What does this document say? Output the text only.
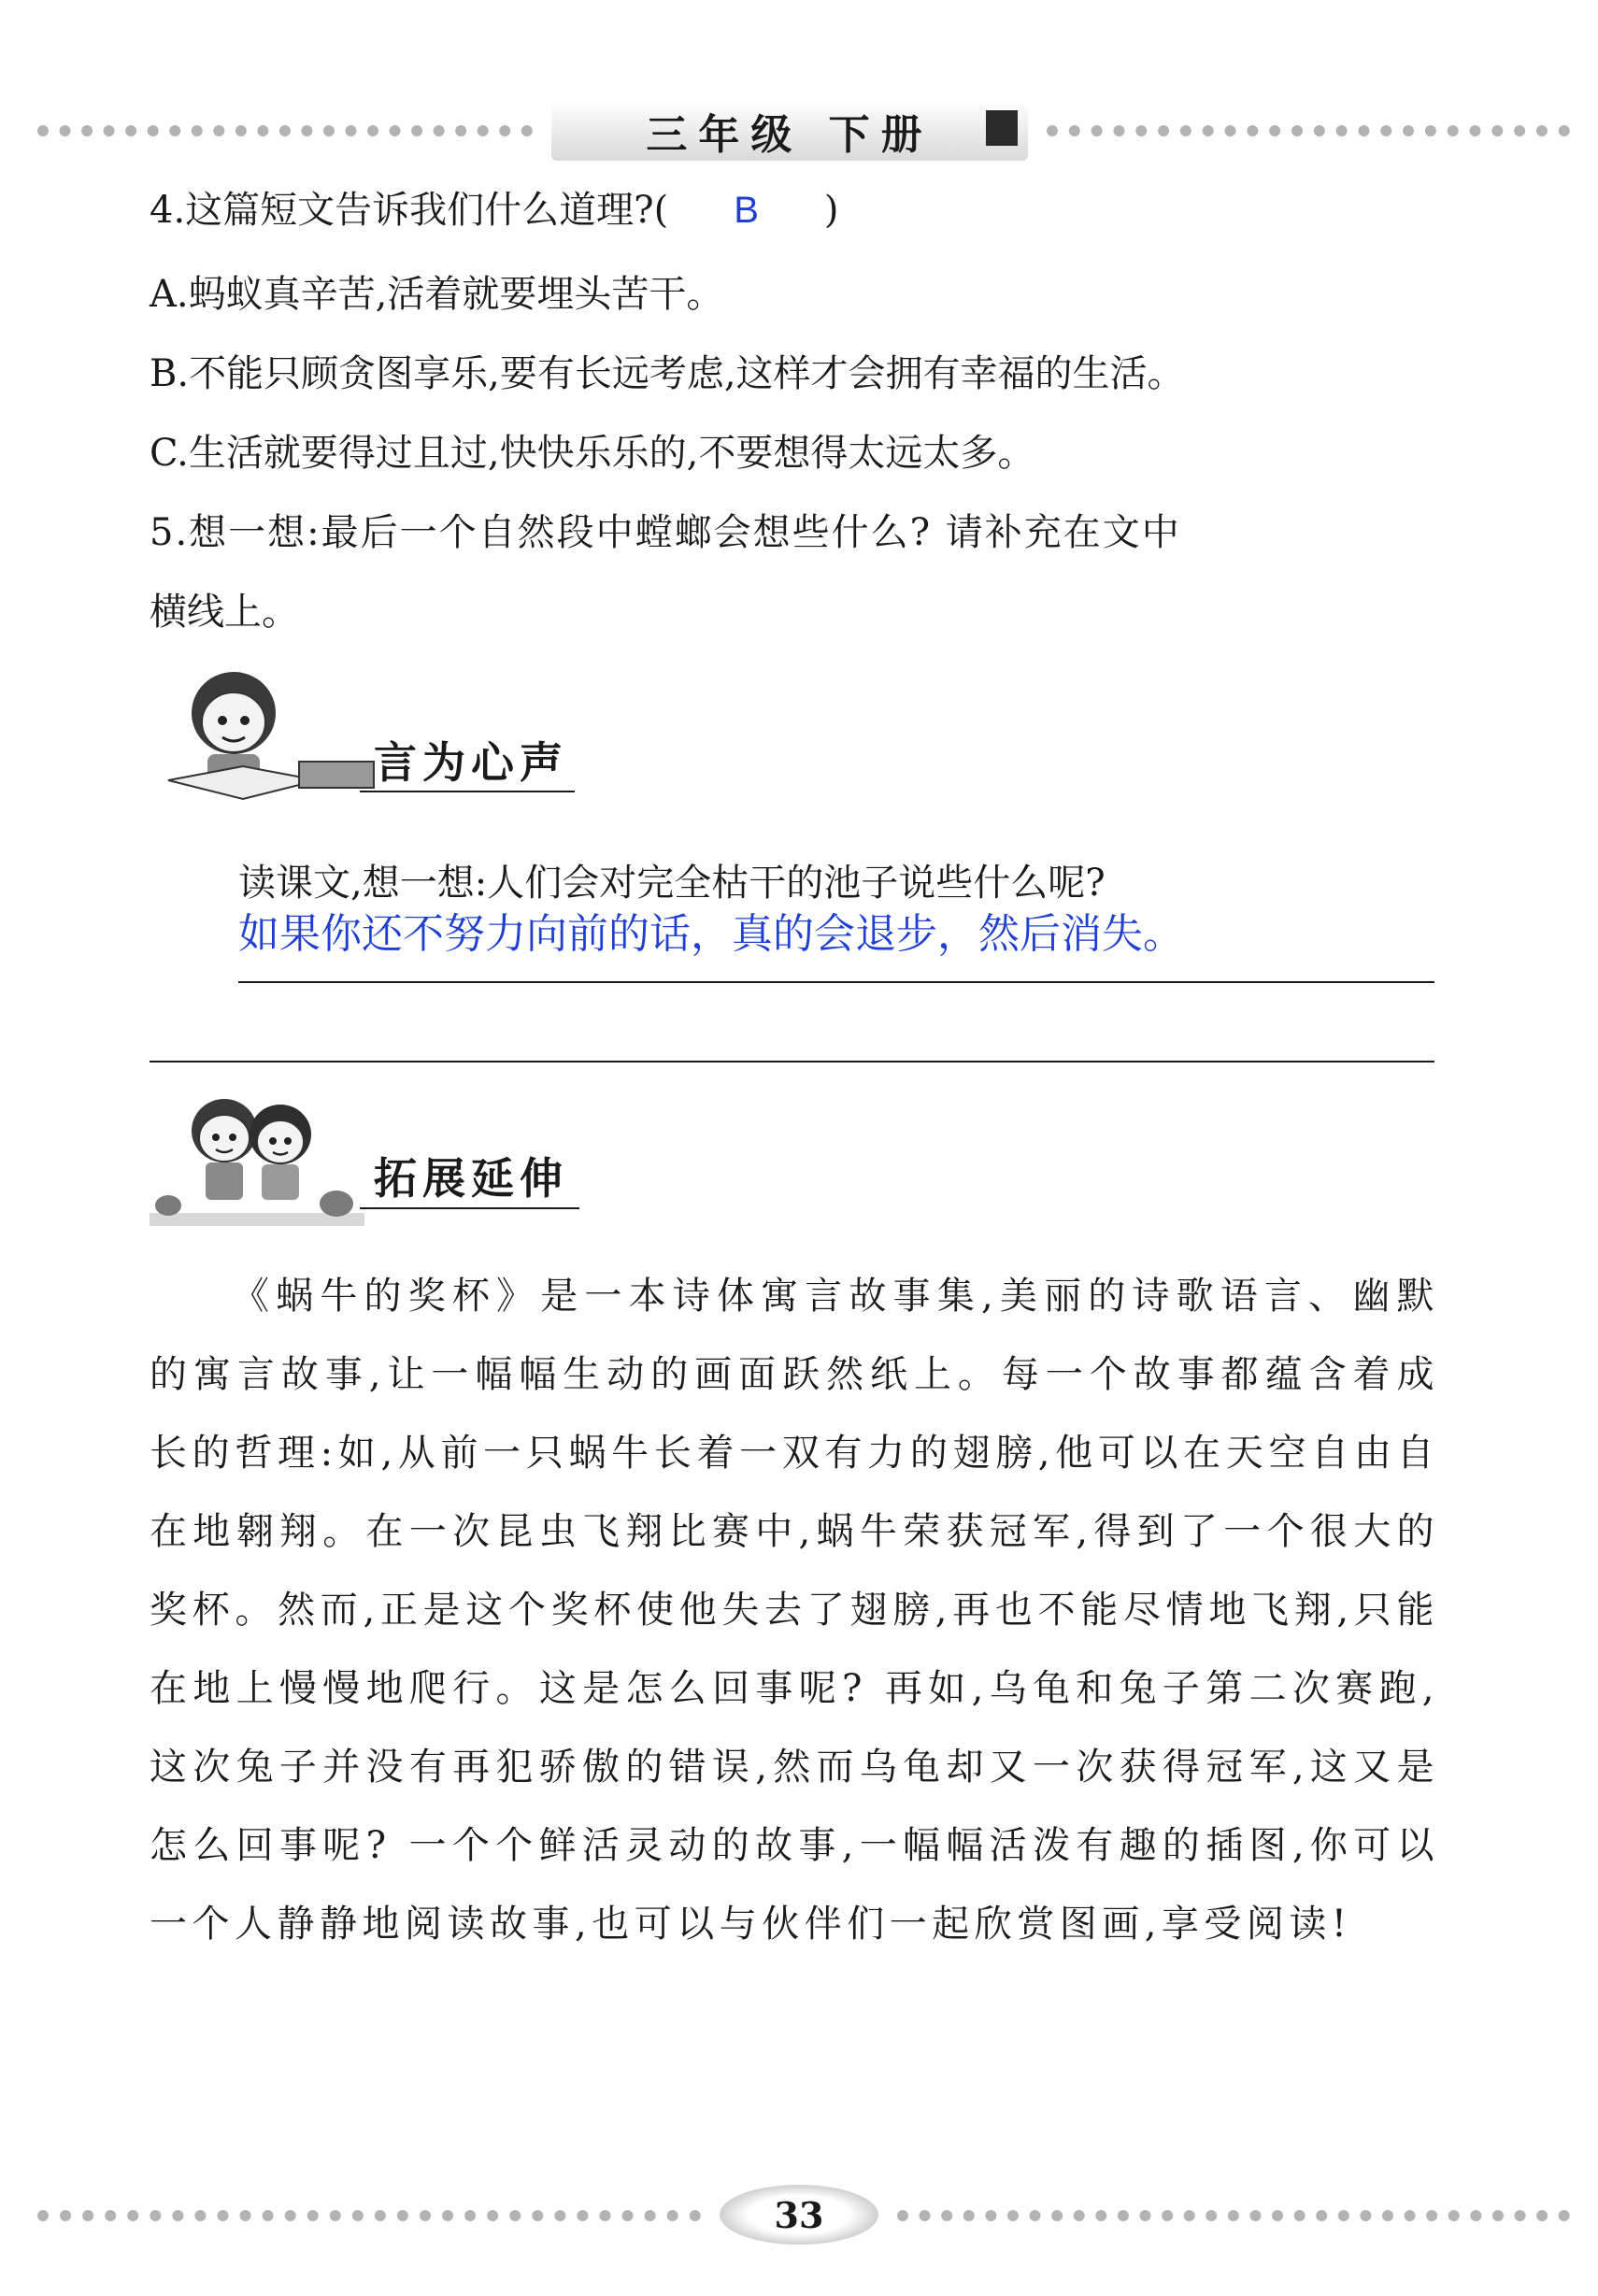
三年级 下册
4.这篇短文告诉我们什么道理?( B )
A.蚂蚁真辛苦,活着就要埋头苦干。
B.不能只顾贪图享乐,要有长远考虑,这样才会拥有幸福的生活。
C.生活就要得过且过,快快乐乐的,不要想得太远太多。
5.想一想:最后一个自然段中螳螂会想些什么? 请补充在文中
横线上。
言为心声
读课文,想一想:人们会对完全枯干的池子说些什么呢?
如果你还不努力向前的话，真的会退步，然后消失。
拓展延伸
《蜗牛的奖杯》是一本诗体寓言故事集,美丽的诗歌语言、幽默的寓言故事,让一幅幅生动的画面跃然纸上。每一个故事都蕴含着成长的哲理:如,从前一只蜗牛长着一双有力的翅膀,他可以在天空自由自在地翱翔。在一次昆虫飞翔比赛中,蜗牛荣获冠军,得到了一个很大的奖杯。然而,正是这个奖杯使他失去了翅膀,再也不能尽情地飞翔,只能在地上慢慢地爬行。这是怎么回事呢? 再如,乌龟和兔子第二次赛跑,这次兔子并没有再犯骄傲的错误,然而乌龟却又一次获得冠军,这又是怎么回事呢? 一个个鲜活灵动的故事,一幅幅活泼有趣的插图,你可以一个人静静地阅读故事,也可以与伙伴们一起欣赏图画,享受阅读!
33
